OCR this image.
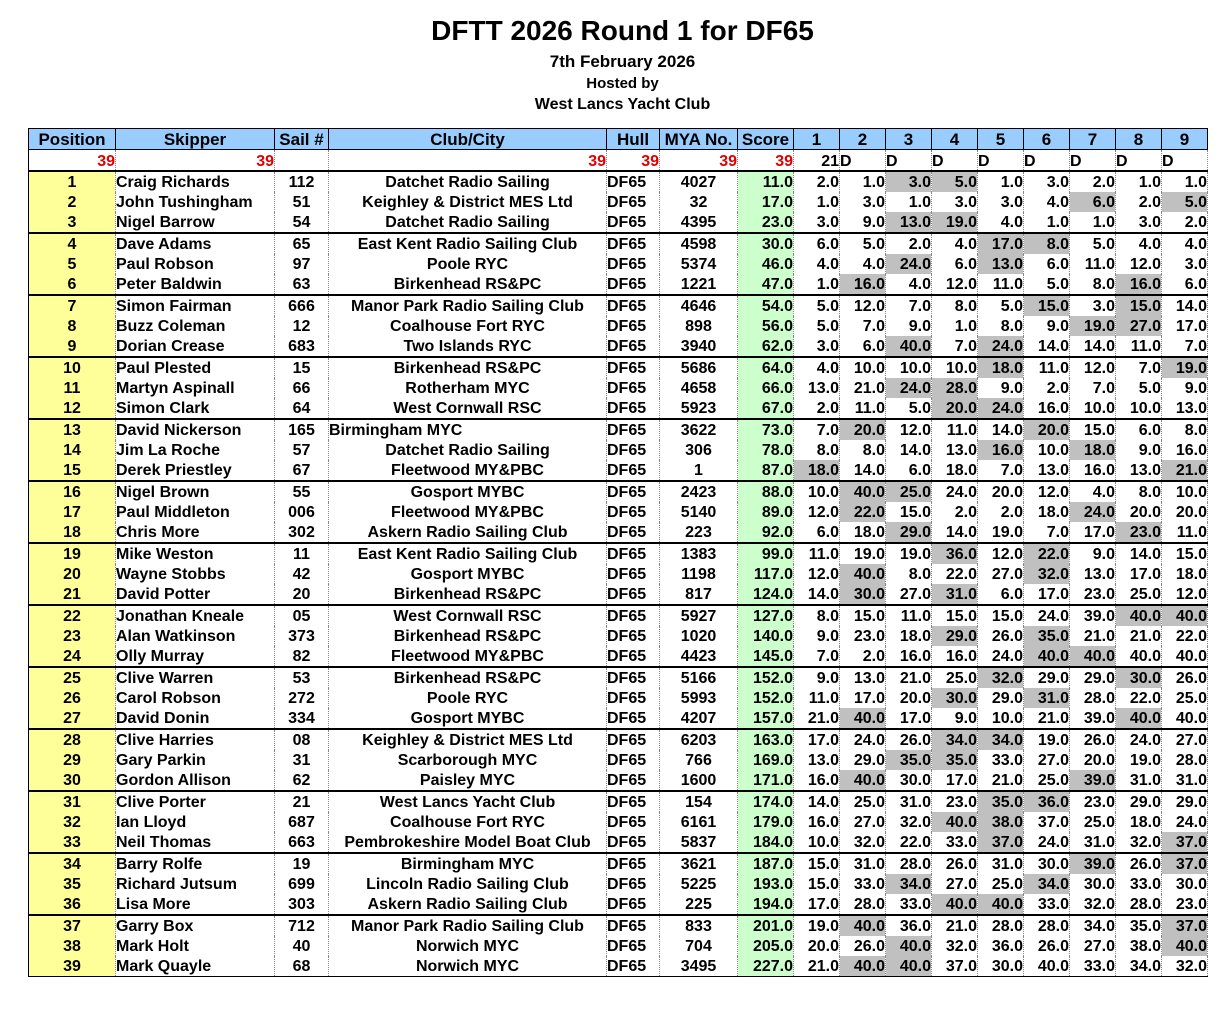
DFTT 2026 Round 1 for DF65
7th February 2026
Hosted by
West Lancs Yacht Club
Position	Skipper	Sail #	Club/City	Hull	MYA No.	Score	1	2	3	4	5	6	7	8	9
39	39		39	39	39	39	21	D	D	D	D	D	D	D	D
1	Craig Richards	112	Datchet Radio Sailing	DF65	4027	11.0	2.0	1.0	3.0	5.0	1.0	3.0	2.0	1.0	1.0
2	John Tushingham	51	Keighley & District MES Ltd	DF65	32	17.0	1.0	3.0	1.0	3.0	3.0	4.0	6.0	2.0	5.0
3	Nigel Barrow	54	Datchet Radio Sailing	DF65	4395	23.0	3.0	9.0	13.0	19.0	4.0	1.0	1.0	3.0	2.0
4	Dave Adams	65	East Kent Radio Sailing Club	DF65	4598	30.0	6.0	5.0	2.0	4.0	17.0	8.0	5.0	4.0	4.0
5	Paul Robson	97	Poole RYC	DF65	5374	46.0	4.0	4.0	24.0	6.0	13.0	6.0	11.0	12.0	3.0
6	Peter Baldwin	63	Birkenhead RS&PC	DF65	1221	47.0	1.0	16.0	4.0	12.0	11.0	5.0	8.0	16.0	6.0
7	Simon Fairman	666	Manor Park Radio Sailing Club	DF65	4646	54.0	5.0	12.0	7.0	8.0	5.0	15.0	3.0	15.0	14.0
8	Buzz Coleman	12	Coalhouse Fort RYC	DF65	898	56.0	5.0	7.0	9.0	1.0	8.0	9.0	19.0	27.0	17.0
9	Dorian Crease	683	Two Islands RYC	DF65	3940	62.0	3.0	6.0	40.0	7.0	24.0	14.0	14.0	11.0	7.0
10	Paul Plested	15	Birkenhead RS&PC	DF65	5686	64.0	4.0	10.0	10.0	10.0	18.0	11.0	12.0	7.0	19.0
11	Martyn Aspinall	66	Rotherham MYC	DF65	4658	66.0	13.0	21.0	24.0	28.0	9.0	2.0	7.0	5.0	9.0
12	Simon Clark	64	West Cornwall RSC	DF65	5923	67.0	2.0	11.0	5.0	20.0	24.0	16.0	10.0	10.0	13.0
13	David Nickerson	165	Birmingham MYC	DF65	3622	73.0	7.0	20.0	12.0	11.0	14.0	20.0	15.0	6.0	8.0
14	Jim La Roche	57	Datchet Radio Sailing	DF65	306	78.0	8.0	8.0	14.0	13.0	16.0	10.0	18.0	9.0	16.0
15	Derek Priestley	67	Fleetwood MY&PBC	DF65	1	87.0	18.0	14.0	6.0	18.0	7.0	13.0	16.0	13.0	21.0
16	Nigel Brown	55	Gosport MYBC	DF65	2423	88.0	10.0	40.0	25.0	24.0	20.0	12.0	4.0	8.0	10.0
17	Paul Middleton	006	Fleetwood MY&PBC	DF65	5140	89.0	12.0	22.0	15.0	2.0	2.0	18.0	24.0	20.0	20.0
18	Chris More	302	Askern Radio Sailing Club	DF65	223	92.0	6.0	18.0	29.0	14.0	19.0	7.0	17.0	23.0	11.0
19	Mike Weston	11	East Kent Radio Sailing Club	DF65	1383	99.0	11.0	19.0	19.0	36.0	12.0	22.0	9.0	14.0	15.0
20	Wayne Stobbs	42	Gosport MYBC	DF65	1198	117.0	12.0	40.0	8.0	22.0	27.0	32.0	13.0	17.0	18.0
21	David Potter	20	Birkenhead RS&PC	DF65	817	124.0	14.0	30.0	27.0	31.0	6.0	17.0	23.0	25.0	12.0
22	Jonathan Kneale	05	West Cornwall RSC	DF65	5927	127.0	8.0	15.0	11.0	15.0	15.0	24.0	39.0	40.0	40.0
23	Alan Watkinson	373	Birkenhead RS&PC	DF65	1020	140.0	9.0	23.0	18.0	29.0	26.0	35.0	21.0	21.0	22.0
24	Olly Murray	82	Fleetwood MY&PBC	DF65	4423	145.0	7.0	2.0	16.0	16.0	24.0	40.0	40.0	40.0	40.0
25	Clive Warren	53	Birkenhead RS&PC	DF65	5166	152.0	9.0	13.0	21.0	25.0	32.0	29.0	29.0	30.0	26.0
26	Carol Robson	272	Poole RYC	DF65	5993	152.0	11.0	17.0	20.0	30.0	29.0	31.0	28.0	22.0	25.0
27	David Donin	334	Gosport MYBC	DF65	4207	157.0	21.0	40.0	17.0	9.0	10.0	21.0	39.0	40.0	40.0
28	Clive Harries	08	Keighley & District MES Ltd	DF65	6203	163.0	17.0	24.0	26.0	34.0	34.0	19.0	26.0	24.0	27.0
29	Gary Parkin	31	Scarborough MYC	DF65	766	169.0	13.0	29.0	35.0	35.0	33.0	27.0	20.0	19.0	28.0
30	Gordon Allison	62	Paisley MYC	DF65	1600	171.0	16.0	40.0	30.0	17.0	21.0	25.0	39.0	31.0	31.0
31	Clive Porter	21	West Lancs Yacht Club	DF65	154	174.0	14.0	25.0	31.0	23.0	35.0	36.0	23.0	29.0	29.0
32	Ian Lloyd	687	Coalhouse Fort RYC	DF65	6161	179.0	16.0	27.0	32.0	40.0	38.0	37.0	25.0	18.0	24.0
33	Neil Thomas	663	Pembrokeshire Model Boat Club	DF65	5837	184.0	10.0	32.0	22.0	33.0	37.0	24.0	31.0	32.0	37.0
34	Barry Rolfe	19	Birmingham MYC	DF65	3621	187.0	15.0	31.0	28.0	26.0	31.0	30.0	39.0	26.0	37.0
35	Richard Jutsum	699	Lincoln Radio Sailing Club	DF65	5225	193.0	15.0	33.0	34.0	27.0	25.0	34.0	30.0	33.0	30.0
36	Lisa More	303	Askern Radio Sailing Club	DF65	225	194.0	17.0	28.0	33.0	40.0	40.0	33.0	32.0	28.0	23.0
37	Garry Box	712	Manor Park Radio Sailing Club	DF65	833	201.0	19.0	40.0	36.0	21.0	28.0	28.0	34.0	35.0	37.0
38	Mark Holt	40	Norwich MYC	DF65	704	205.0	20.0	26.0	40.0	32.0	36.0	26.0	27.0	38.0	40.0
39	Mark Quayle	68	Norwich MYC	DF65	3495	227.0	21.0	40.0	40.0	37.0	30.0	40.0	33.0	34.0	32.0
